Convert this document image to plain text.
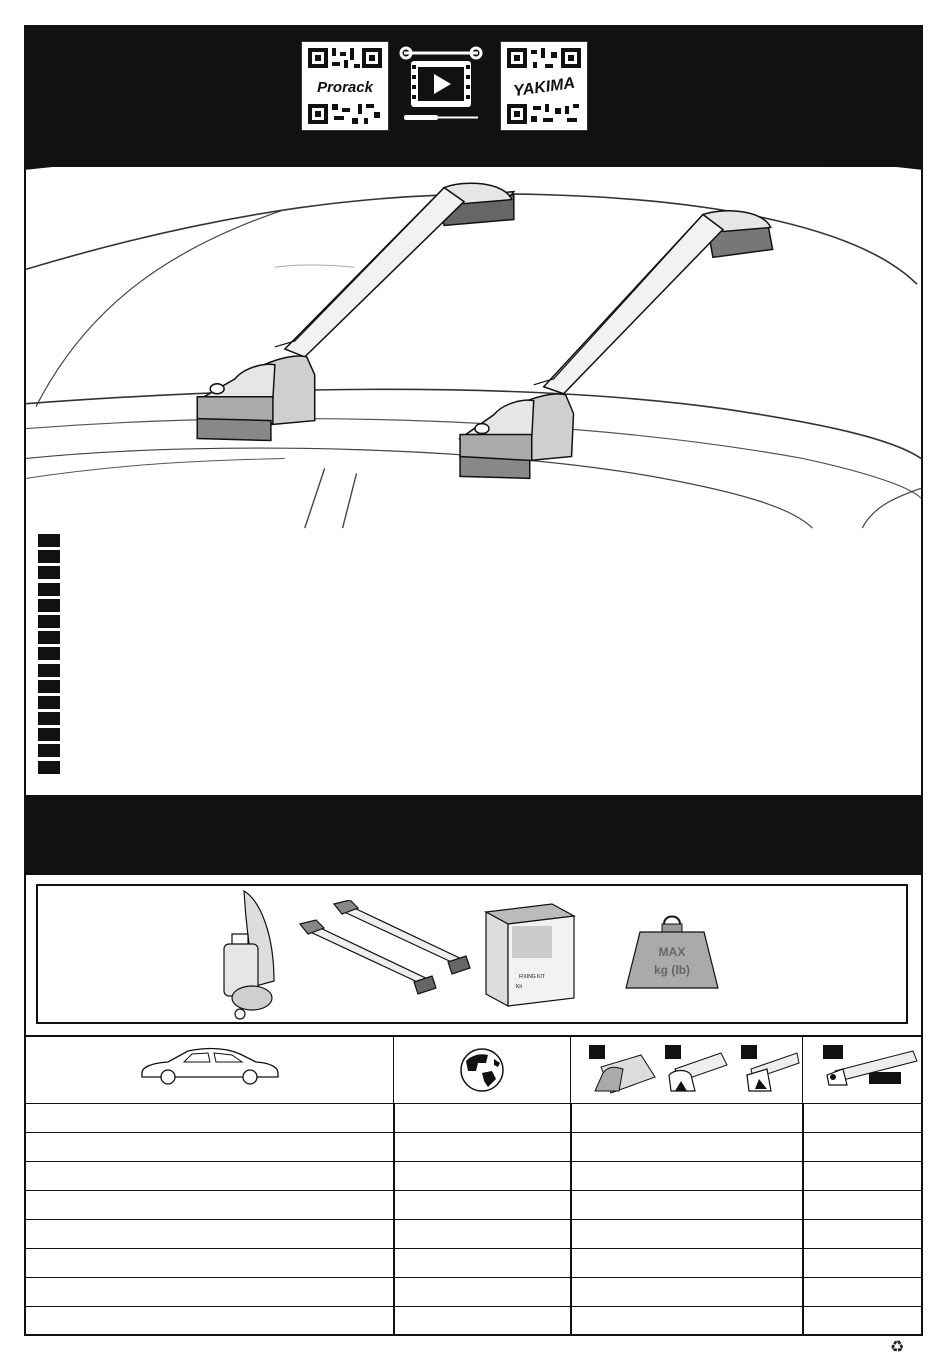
Prorack	YAKIMA
FIXING KIT
Kit
MAX
kg (lb)
♻
